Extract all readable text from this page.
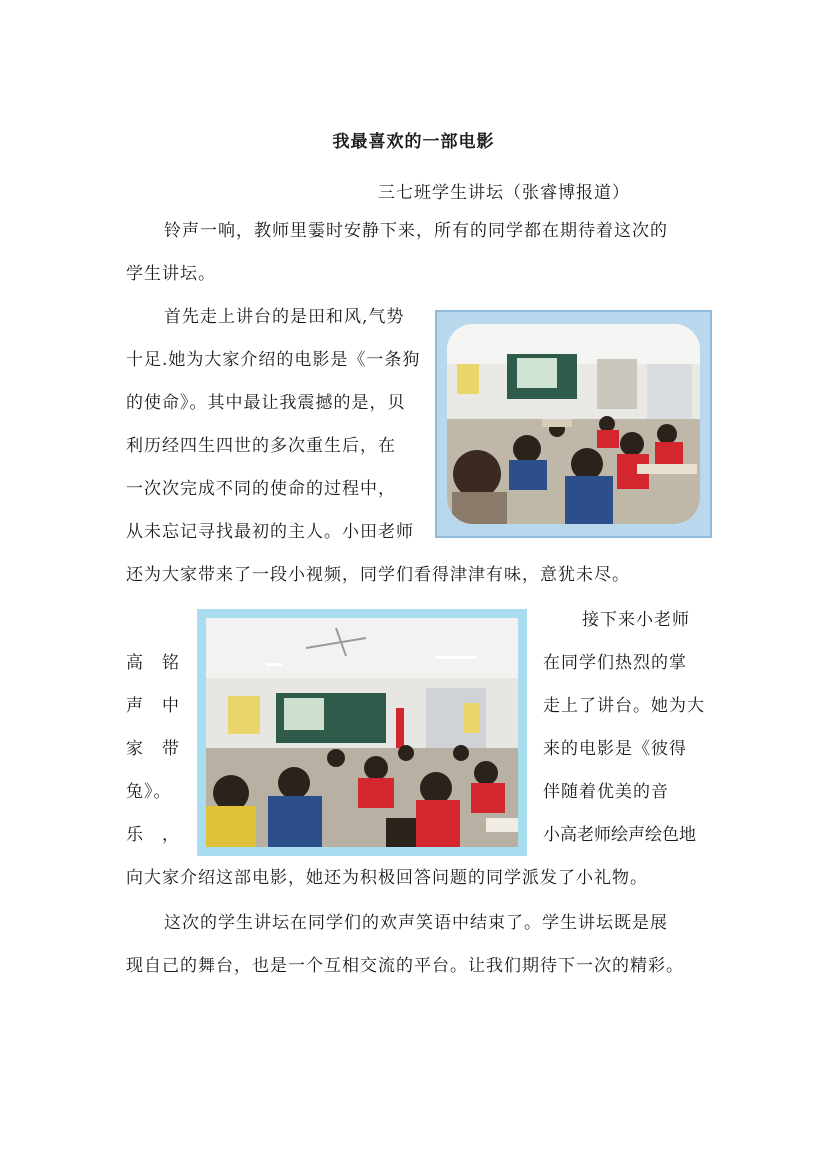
我最喜欢的一部电影
三七班学生讲坛（张睿博报道）
铃声一响，教师里霎时安静下来，所有的同学都在期待着这次的
学生讲坛。
首先走上讲台的是田和风,气势
十足.她为大家介绍的电影是《一条狗
的使命》。其中最让我震撼的是，贝
利历经四生四世的多次重生后，在
一次次完成不同的使命的过程中，
从未忘记寻找最初的主人。小田老师
还为大家带来了一段小视频，同学们看得津津有味，意犹未尽。
接下来小老师
高　铭	在同学们热烈的掌
声　中	走上了讲台。她为大
家　带	来的电影是《彼得
兔》。	伴随着优美的音
乐　，	小高老师绘声绘色地
向大家介绍这部电影，她还为积极回答问题的同学派发了小礼物。
这次的学生讲坛在同学们的欢声笑语中结束了。学生讲坛既是展
现自己的舞台，也是一个互相交流的平台。让我们期待下一次的精彩。
